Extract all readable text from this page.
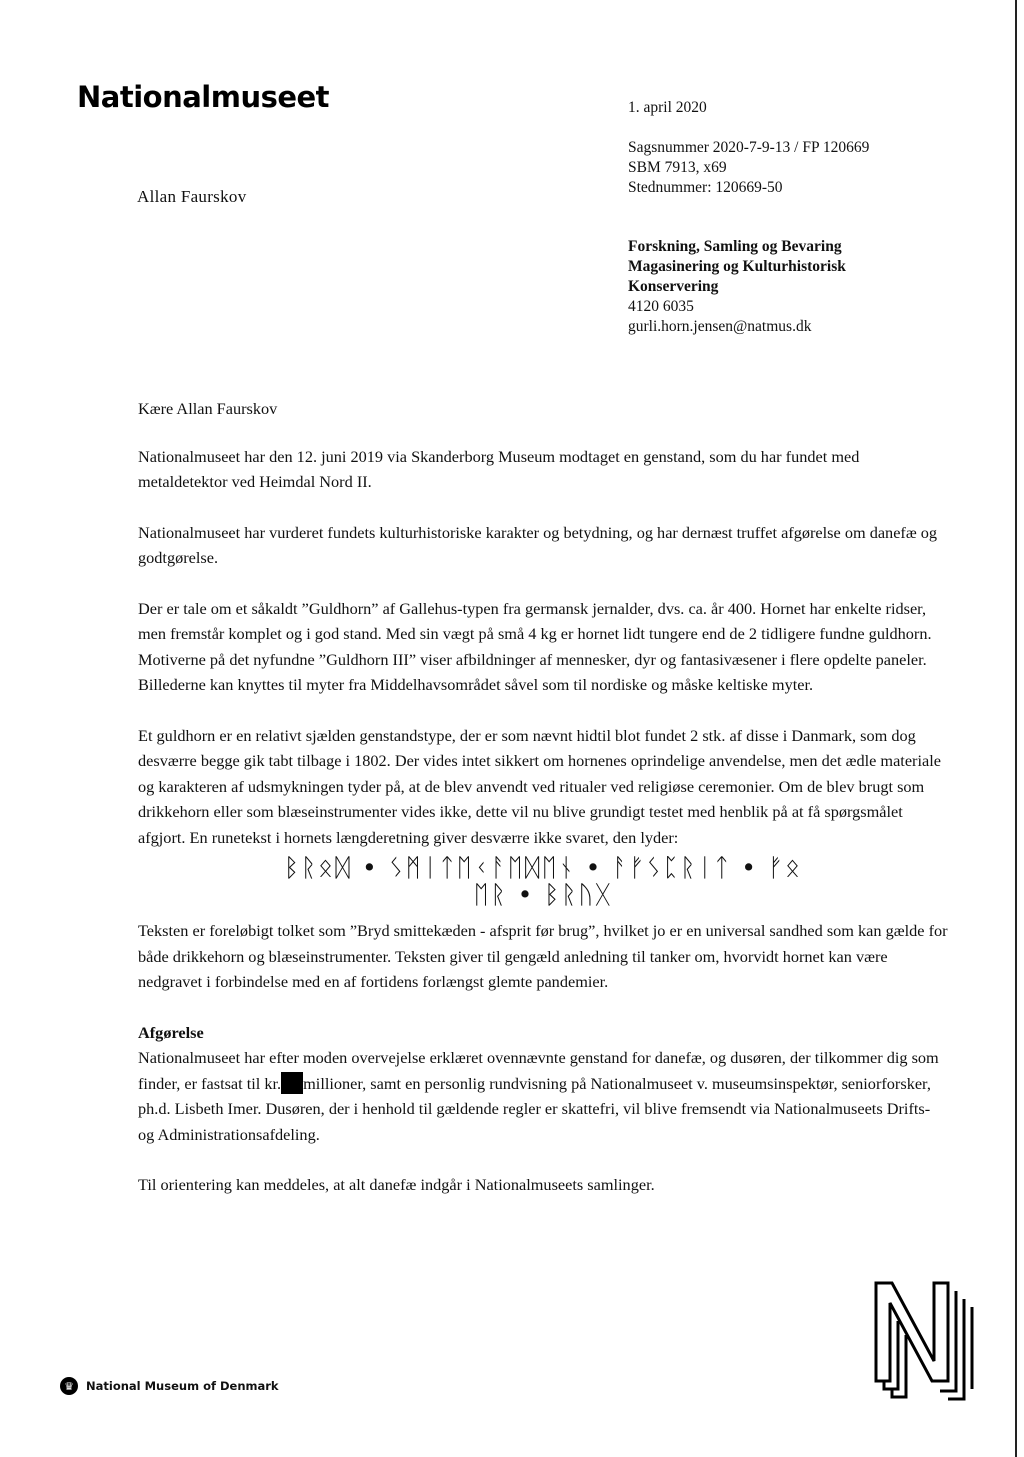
Nationalmuseet
Allan Faurskov
1. april 2020
Sagsnummer 2020-7-9-13 / FP 120669
SBM 7913, x69
Stednummer: 120669-50
Forskning, Samling og Bevaring
Magasinering og Kulturhistorisk
Konservering
4120 6035
gurli.horn.jensen@natmus.dk

Kære Allan Faurskov

Nationalmuseet har den 12. juni 2019 via Skanderborg Museum modtaget en genstand, som du har fundet med metaldetektor ved Heimdal Nord II.

Nationalmuseet har vurderet fundets kulturhistoriske karakter og betydning, og har dernæst truffet afgørelse om danefæ og godtgørelse.

Der er tale om et såkaldt ”Guldhorn” af Gallehus-typen fra germansk jernalder, dvs. ca. år 400. Hornet har enkelte ridser, men fremstår komplet og i god stand. Med sin vægt på små 4 kg er hornet lidt tungere end de 2 tidligere fundne guldhorn. Motiverne på det nyfundne ”Guldhorn III” viser afbildninger af mennesker, dyr og fantasivæsener i flere opdelte paneler. Billederne kan knyttes til myter fra Middelhavsområdet såvel som til nordiske og måske keltiske myter.

Et guldhorn er en relativt sjælden genstandstype, der er som nævnt hidtil blot fundet 2 stk. af disse i Danmark, som dog desværre begge gik tabt tilbage i 1802. Der vides intet sikkert om hornenes oprindelige anvendelse, men det ædle materiale og karakteren af udsmykningen tyder på, at de blev anvendt ved ritualer ved religiøse ceremonier. Om de blev brugt som drikkehorn eller som blæseinstrumenter vides ikke, dette vil nu blive grundigt testet med henblik på at få spørgsmålet afgjort. En runetekst i hornets længderetning giver desværre ikke svaret, den lyder:

ᛒᚱᛟᛞ • ᛊᛗᛁᛏᛖᚲᚨᛖᛞᛖᚾ • ᚨᚠᛊᛈᚱᛁᛏ • ᚠᛟ
ᛖᚱ • ᛒᚱᚢᚷ

Teksten er foreløbigt tolket som ”Bryd smittekæden - afsprit før brug”, hvilket jo er en universal sandhed som kan gælde for både drikkehorn og blæseinstrumenter. Teksten giver til gengæld anledning til tanker om, hvorvidt hornet kan være nedgravet i forbindelse med en af fortidens forlængst glemte pandemier.

Afgørelse
Nationalmuseet har efter moden overvejelse erklæret ovennævnte genstand for danefæ, og dusøren, der tilkommer dig som finder, er fastsat til kr. millioner, samt en personlig rundvisning på Nationalmuseet v. museumsinspektør, seniorforsker, ph.d. Lisbeth Imer. Dusøren, der i henhold til gældende regler er skattefri, vil blive fremsendt via Nationalmuseets Drifts- og Administrationsafdeling.

Til orientering kan meddeles, at alt danefæ indgår i Nationalmuseets samlinger.

♛	National Museum of Denmark
